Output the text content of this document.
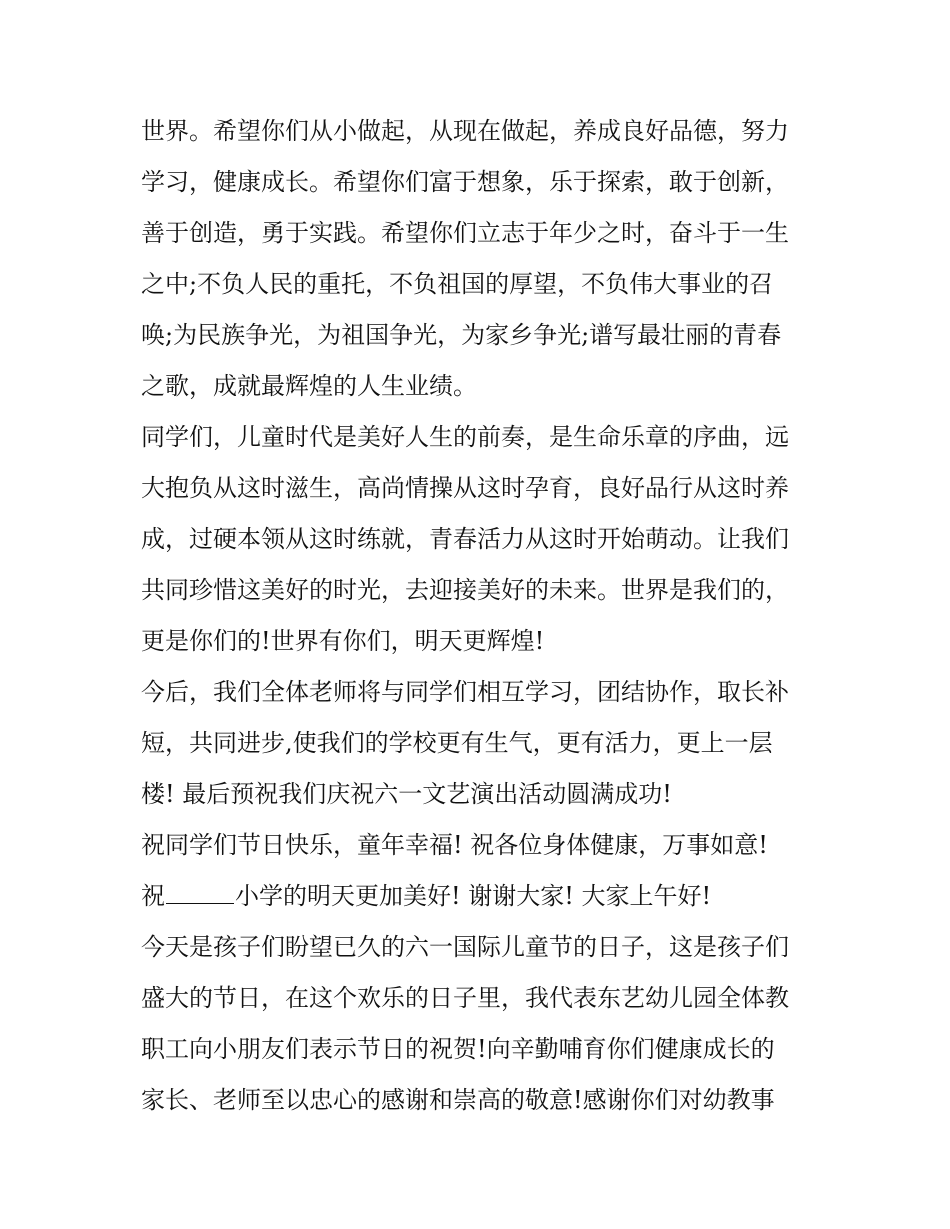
世界。希望你们从小做起，从现在做起，养成良好品德，努力
学习，健康成长。希望你们富于想象，乐于探索，敢于创新，
善于创造，勇于实践。希望你们立志于年少之时，奋斗于一生
之中;不负人民的重托，不负祖国的厚望，不负伟大事业的召
唤;为民族争光，为祖国争光，为家乡争光;谱写最壮丽的青春
之歌，成就最辉煌的人生业绩。
同学们，儿童时代是美好人生的前奏，是生命乐章的序曲，远
大抱负从这时滋生，高尚情操从这时孕育，良好品行从这时养
成，过硬本领从这时练就，青春活力从这时开始萌动。让我们
共同珍惜这美好的时光，去迎接美好的未来。世界是我们的，
更是你们的!世界有你们，明天更辉煌!
今后，我们全体老师将与同学们相互学习，团结协作，取长补
短，共同进步,使我们的学校更有生气，更有活力，更上一层
楼! 最后预祝我们庆祝六一文艺演出活动圆满成功!
祝同学们节日快乐，童年幸福! 祝各位身体健康，万事如意!
祝	小学的明天更加美好! 谢谢大家! 大家上午好!
今天是孩子们盼望已久的六一国际儿童节的日子，这是孩子们
盛大的节日，在这个欢乐的日子里，我代表东艺幼儿园全体教
职工向小朋友们表示节日的祝贺!向辛勤哺育你们健康成长的
家长、老师至以忠心的感谢和崇高的敬意!感谢你们对幼教事
